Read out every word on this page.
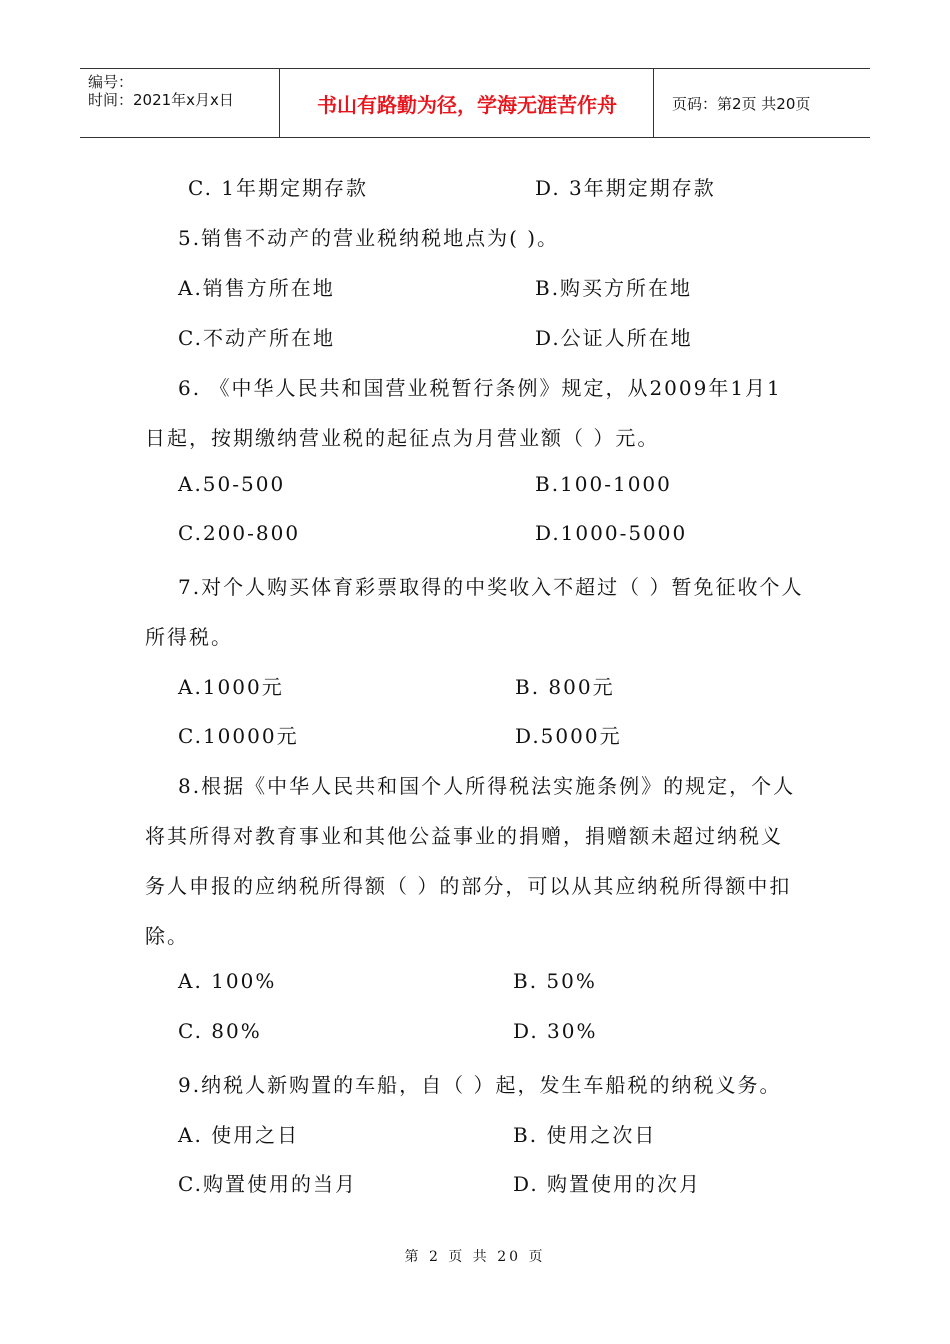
编号：
时间：2021年x月x日	书山有路勤为径，学海无涯苦作舟	页码：第2页 共20页
C. 1年期定期存款	D. 3年期定期存款
5.销售不动产的营业税纳税地点为( )。
A.销售方所在地	B.购买方所在地
C.不动产所在地	D.公证人所在地
6. 《中华人民共和国营业税暂行条例》规定，从2009年1月1
日起，按期缴纳营业税的起征点为月营业额（ ）元。
A.50-500	B.100-1000
C.200-800	D.1000-5000
7.对个人购买体育彩票取得的中奖收入不超过（ ）暂免征收个人
所得税。
A.1000元	B. 800元
C.10000元	D.5000元
8.根据《中华人民共和国个人所得税法实施条例》的规定，个人
将其所得对教育事业和其他公益事业的捐赠，捐赠额未超过纳税义
务人申报的应纳税所得额（ ）的部分，可以从其应纳税所得额中扣
除。
A. 100%	B. 50%
C. 80%	D. 30%
9.纳税人新购置的车船，自（ ）起，发生车船税的纳税义务。
A. 使用之日	B. 使用之次日
C.购置使用的当月	D. 购置使用的次月
第 2 页 共 20 页
